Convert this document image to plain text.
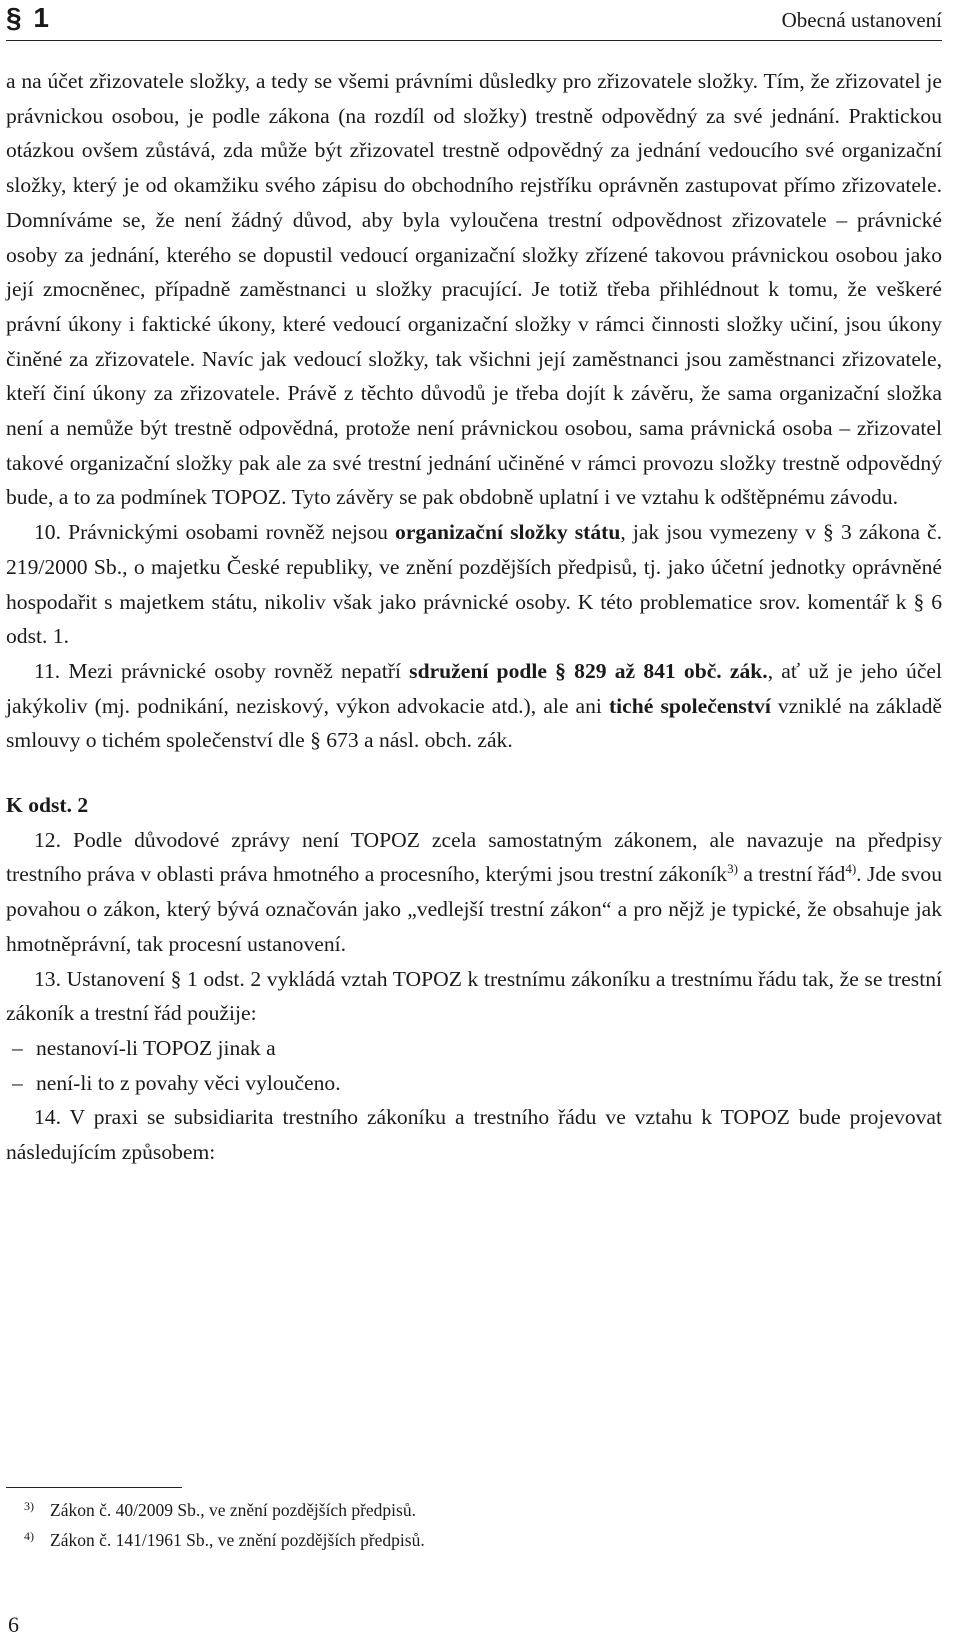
§ 1	Obecná ustanovení

a na účet zřizovatele složky, a tedy se všemi právními důsledky pro zřizovatele složky. Tím, že zřizovatel je právnickou osobou, je podle zákona (na rozdíl od složky) trestně odpovědný za své jednání. Praktickou otázkou ovšem zůstává, zda může být zřizovatel trestně odpovědný za jednání vedoucího své organizační složky, který je od okamžiku svého zápisu do obchodního rejstříku oprávněn zastupovat přímo zřizovatele. Domníváme se, že není žádný důvod, aby byla vyloučena trestní odpovědnost zřizovatele – právnické osoby za jednání, kterého se dopustil vedoucí organizační složky zřízené takovou právnickou osobou jako její zmocněnec, případně zaměstnanci u složky pracující. Je totiž třeba přihlédnout k tomu, že veškeré právní úkony i faktické úkony, které vedoucí organizační složky v rámci činnosti složky učiní, jsou úkony činěné za zřizovatele. Navíc jak vedoucí složky, tak všichni její zaměstnanci jsou zaměstnanci zřizovatele, kteří činí úkony za zřizovatele. Právě z těchto důvodů je třeba dojít k závěru, že sama organizační složka není a nemůže být trestně odpovědná, protože není právnickou osobou, sama právnická osoba – zřizovatel takové organizační složky pak ale za své trestní jednání učiněné v rámci provozu složky trestně odpovědný bude, a to za podmínek TOPOZ. Tyto závěry se pak obdobně uplatní i ve vztahu k odštěpnému závodu.

10. Právnickými osobami rovněž nejsou organizační složky státu, jak jsou vymezeny v § 3 zákona č. 219/2000 Sb., o majetku České republiky, ve znění pozdějších předpisů, tj. jako účetní jednotky oprávněné hospodařit s majetkem státu, nikoliv však jako právnické osoby. K této problematice srov. komentář k § 6 odst. 1.

11. Mezi právnické osoby rovněž nepatří sdružení podle § 829 až 841 obč. zák., ať už je jeho účel jakýkoliv (mj. podnikání, neziskový, výkon advokacie atd.), ale ani tiché společenství vzniklé na základě smlouvy o tichém společenství dle § 673 a násl. obch. zák.

K odst. 2

12. Podle důvodové zprávy není TOPOZ zcela samostatným zákonem, ale navazuje na předpisy trestního práva v oblasti práva hmotného a procesního, kterými jsou trestní zákoník$^{3)}$ a trestní řád$^{4)}$. Jde svou povahou o zákon, který bývá označován jako „vedlejší trestní zákon“ a pro nějž je typické, že obsahuje jak hmotněprávní, tak procesní ustanovení.

13. Ustanovení § 1 odst. 2 vykládá vztah TOPOZ k trestnímu zákoníku a trestnímu řádu tak, že se trestní zákoník a trestní řád použije:

– nestanoví-li TOPOZ jinak a
– není-li to z povahy věci vyloučeno.

14. V praxi se subsidiarita trestního zákoníku a trestního řádu ve vztahu k TOPOZ bude projevovat následujícím způsobem:

3) Zákon č. 40/2009 Sb., ve znění pozdějších předpisů.
4) Zákon č. 141/1961 Sb., ve znění pozdějších předpisů.
6
